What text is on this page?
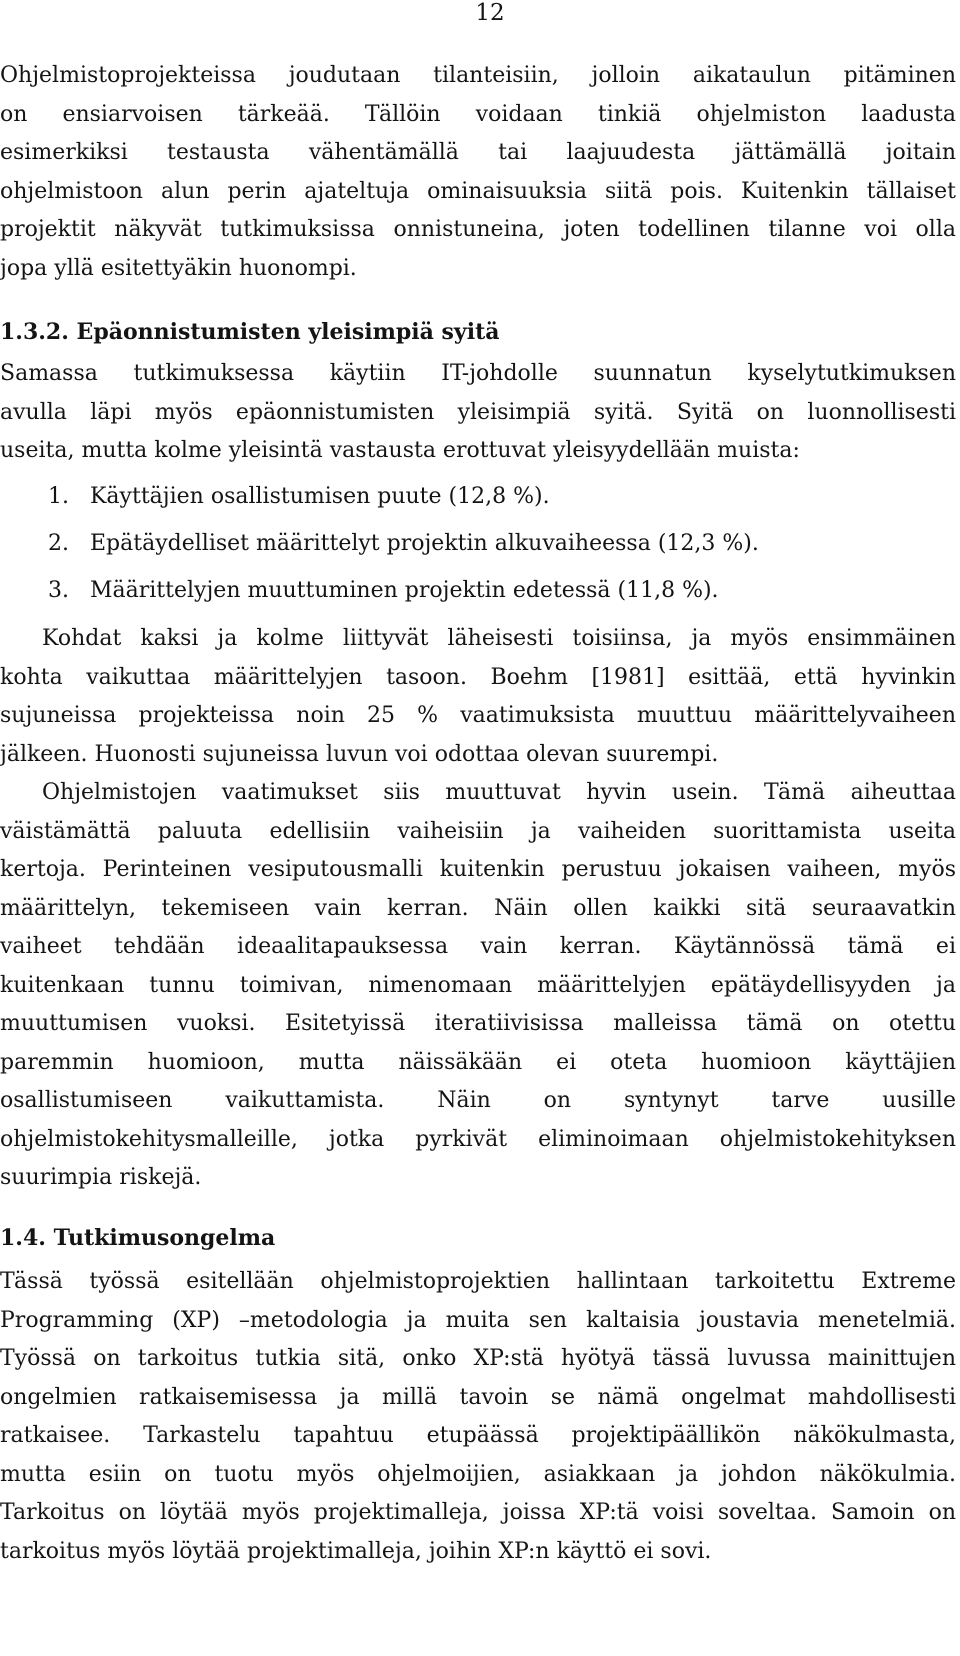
12
Ohjelmistoprojekteissa joudutaan tilanteisiin, jolloin aikataulun pitäminen
on ensiarvoisen tärkeää. Tällöin voidaan tinkiä ohjelmiston laadusta
esimerkiksi testausta vähentämällä tai laajuudesta jättämällä joitain
ohjelmistoon alun perin ajateltuja ominaisuuksia siitä pois. Kuitenkin tällaiset
projektit näkyvät tutkimuksissa onnistuneina, joten todellinen tilanne voi olla
jopa yllä esitettyäkin huonompi.
1.3.2. Epäonnistumisten yleisimpiä syitä
Samassa tutkimuksessa käytiin IT-johdolle suunnatun kyselytutkimuksen
avulla läpi myös epäonnistumisten yleisimpiä syitä. Syitä on luonnollisesti
useita, mutta kolme yleisintä vastausta erottuvat yleisyydellään muista:
1. Käyttäjien osallistumisen puute (12,8 %).
2. Epätäydelliset määrittelyt projektin alkuvaiheessa (12,3 %).
3. Määrittelyjen muuttuminen projektin edetessä (11,8 %).
Kohdat kaksi ja kolme liittyvät läheisesti toisiinsa, ja myös ensimmäinen
kohta vaikuttaa määrittelyjen tasoon. Boehm [1981] esittää, että hyvinkin
sujuneissa projekteissa noin 25 % vaatimuksista muuttuu määrittelyvaiheen
jälkeen. Huonosti sujuneissa luvun voi odottaa olevan suurempi.
Ohjelmistojen vaatimukset siis muuttuvat hyvin usein. Tämä aiheuttaa
väistämättä paluuta edellisiin vaiheisiin ja vaiheiden suorittamista useita
kertoja. Perinteinen vesiputousmalli kuitenkin perustuu jokaisen vaiheen, myös
määrittelyn, tekemiseen vain kerran. Näin ollen kaikki sitä seuraavatkin
vaiheet tehdään ideaalitapauksessa vain kerran. Käytännössä tämä ei
kuitenkaan tunnu toimivan, nimenomaan määrittelyjen epätäydellisyyden ja
muuttumisen vuoksi. Esitetyissä iteratiivisissa malleissa tämä on otettu
paremmin huomioon, mutta näissäkään ei oteta huomioon käyttäjien
osallistumiseen vaikuttamista. Näin on syntynyt tarve uusille
ohjelmistokehitysmalleille, jotka pyrkivät eliminoimaan ohjelmistokehityksen
suurimpia riskejä.
1.4. Tutkimusongelma
Tässä työssä esitellään ohjelmistoprojektien hallintaan tarkoitettu Extreme
Programming (XP) –metodologia ja muita sen kaltaisia joustavia menetelmiä.
Työssä on tarkoitus tutkia sitä, onko XP:stä hyötyä tässä luvussa mainittujen
ongelmien ratkaisemisessa ja millä tavoin se nämä ongelmat mahdollisesti
ratkaisee. Tarkastelu tapahtuu etupäässä projektipäällikön näkökulmasta,
mutta esiin on tuotu myös ohjelmoijien, asiakkaan ja johdon näkökulmia.
Tarkoitus on löytää myös projektimalleja, joissa XP:tä voisi soveltaa. Samoin on
tarkoitus myös löytää projektimalleja, joihin XP:n käyttö ei sovi.
